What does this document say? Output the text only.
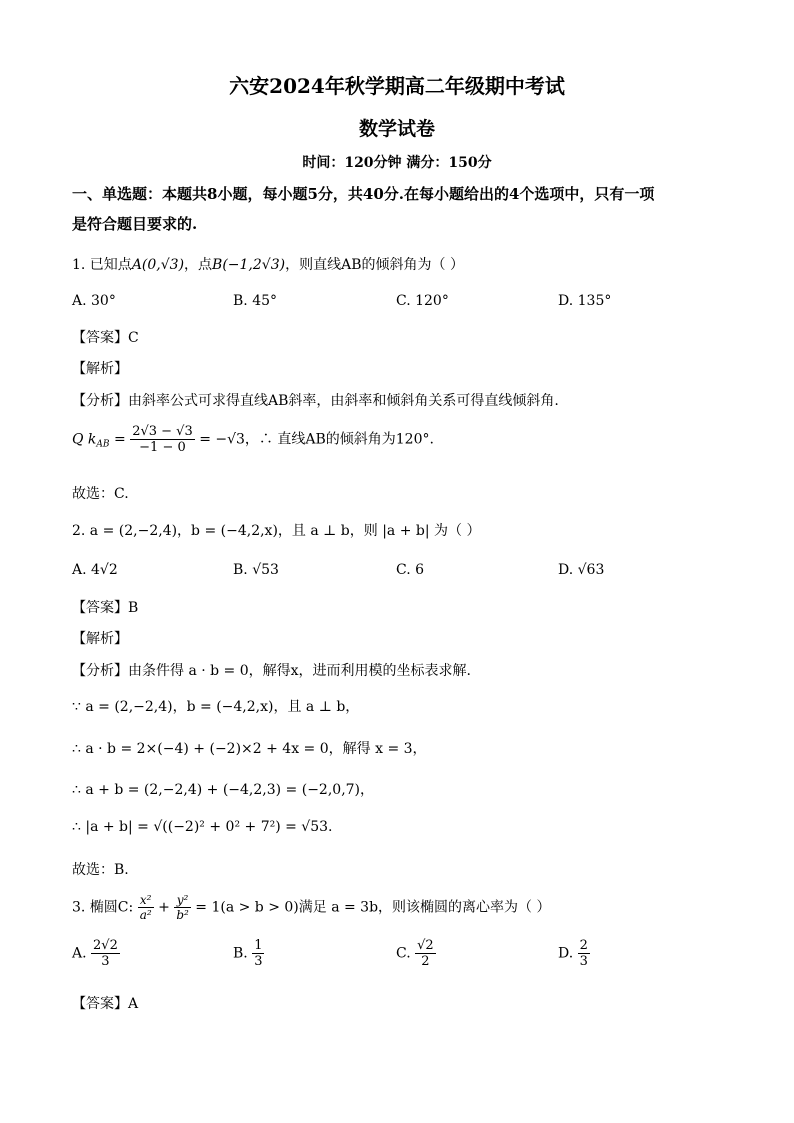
六安2024年秋学期高二年级期中考试
数学试卷
时间：120分钟 满分：150分
一、单选题：本题共8小题，每小题5分，共40分.在每小题给出的4个选项中，只有一项
是符合题目要求的.
1. 已知点A(0,√3)，点B(−1,2√3)，则直线AB的倾斜角为（ ）
A. 30°	B. 45°	C. 120°	D. 135°
【答案】C
【解析】
【分析】由斜率公式可求得直线AB斜率，由斜率和倾斜角关系可得直线倾斜角.
Q $k_{AB} = \frac{2√3 - √3}{-1 - 0} = -√3$，∴ 直线AB的倾斜角为120°.
故选：C.
2. a = (2,−2,4)，b = (−4,2,x)，且 a ⊥ b，则 |a + b| 为（ ）
A. 4√2	B. √53	C. 6	D. √63
【答案】B
【解析】
【分析】由条件得 a · b = 0，解得x，进而利用模的坐标表求解.
∵ a = (2,−2,4)，b = (−4,2,x)，且 a ⊥ b，
∴ a · b = 2×(−4) + (−2)×2 + 4x = 0，解得 x = 3，
∴ a + b = (2,−2,4) + (−4,2,3) = (−2,0,7)，
∴ |a + b| = √((−2)² + 0² + 7²) = √53.
故选：B.
3. 椭圆C: $\frac{\text{x²}}{\text{a²}} + \frac{\text{y²}}{\text{b²}} = 1(a > b > 0)$满足 a = 3b，则该椭圆的离心率为（ ）
A. $\frac{2√2}{3}$	B. $\frac{1}{3}$	C. $\frac{√2}{2}$	D. $\frac{2}{3}$
【答案】A
